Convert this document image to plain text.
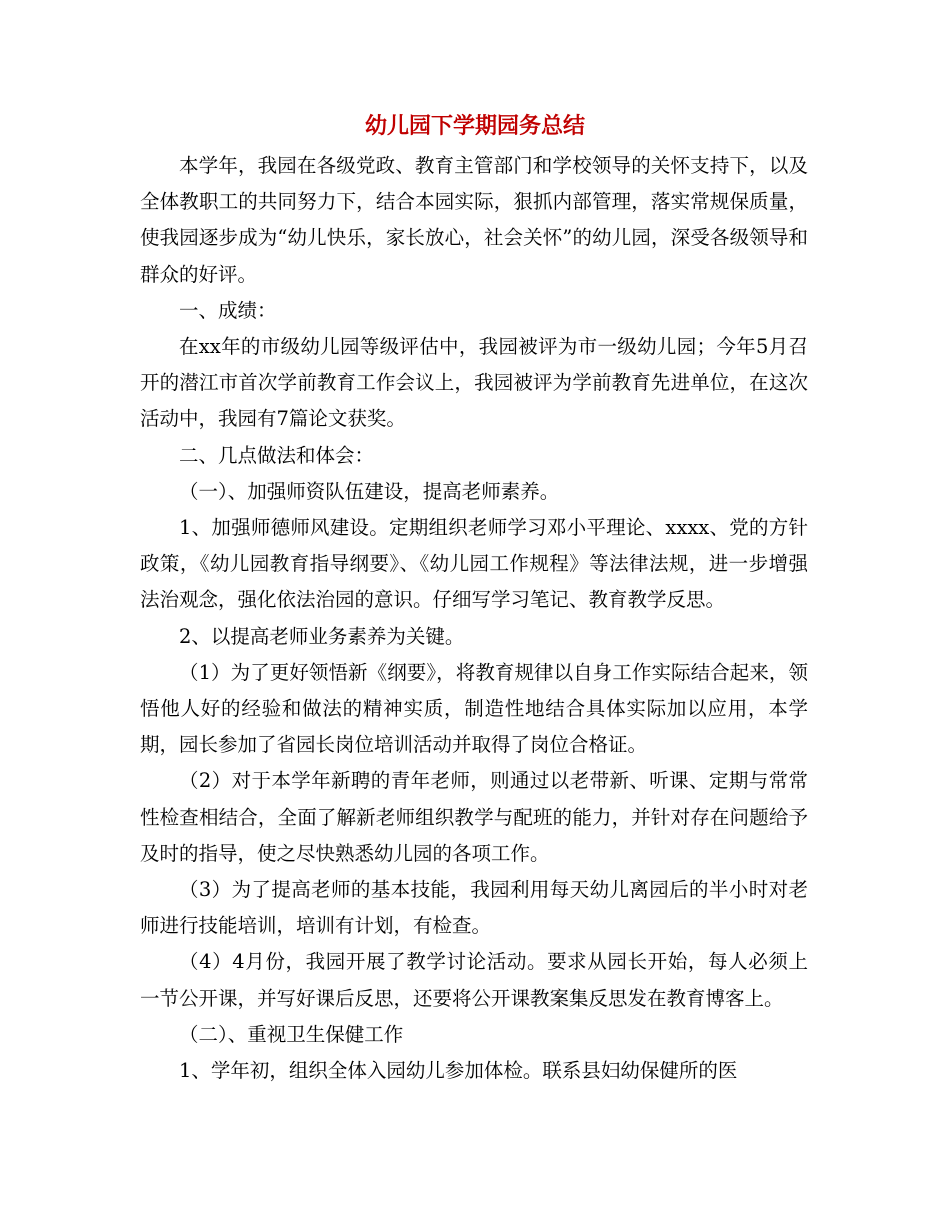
幼儿园下学期园务总结

本学年，我园在各级党政、教育主管部门和学校领导的关怀支持下，以及全体教职工的共同努力下，结合本园实际，狠抓内部管理，落实常规保质量，使我园逐步成为“幼儿快乐，家长放心，社会关怀”的幼儿园，深受各级领导和群众的好评。

一、成绩：

在xx年的市级幼儿园等级评估中，我园被评为市一级幼儿园；今年5月召开的潜江市首次学前教育工作会议上，我园被评为学前教育先进单位，在这次活动中，我园有7篇论文获奖。

二、几点做法和体会：

（一）、加强师资队伍建设，提高老师素养。

1、加强师德师风建设。定期组织老师学习邓小平理论、xxxx、党的方针政策，《幼儿园教育指导纲要》、《幼儿园工作规程》等法律法规，进一步增强法治观念，强化依法治园的意识。仔细写学习笔记、教育教学反思。

2、以提高老师业务素养为关键。

（1）为了更好领悟新《纲要》，将教育规律以自身工作实际结合起来，领悟他人好的经验和做法的精神实质，制造性地结合具体实际加以应用，本学期，园长参加了省园长岗位培训活动并取得了岗位合格证。

（2）对于本学年新聘的青年老师，则通过以老带新、听课、定期与常常性检查相结合，全面了解新老师组织教学与配班的能力，并针对存在问题给予及时的指导，使之尽快熟悉幼儿园的各项工作。

（3）为了提高老师的基本技能，我园利用每天幼儿离园后的半小时对老师进行技能培训，培训有计划，有检查。

（4）4月份，我园开展了教学讨论活动。要求从园长开始，每人必须上一节公开课，并写好课后反思，还要将公开课教案集反思发在教育博客上。

（二）、重视卫生保健工作

1、学年初，组织全体入园幼儿参加体检。联系县妇幼保健所的医
